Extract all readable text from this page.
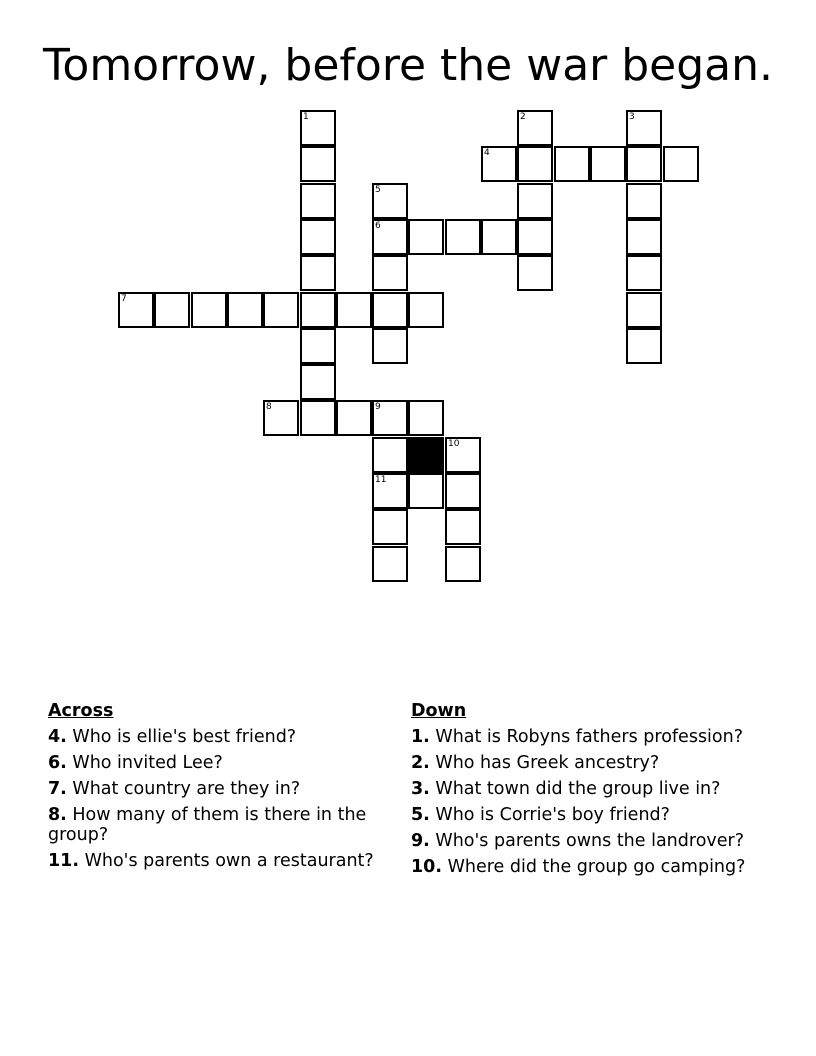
Tomorrow, before the war began.
1	2	3
4
5
6
7
8	9
10
11
Across
4. Who is ellie's best friend?
6. Who invited Lee?
7. What country are they in?
8. How many of them is there in the group?
11. Who's parents own a restaurant?
Down
1. What is Robyns fathers profession?
2. Who has Greek ancestry?
3. What town did the group live in?
5. Who is Corrie's boy friend?
9. Who's parents owns the landrover?
10. Where did the group go camping?
